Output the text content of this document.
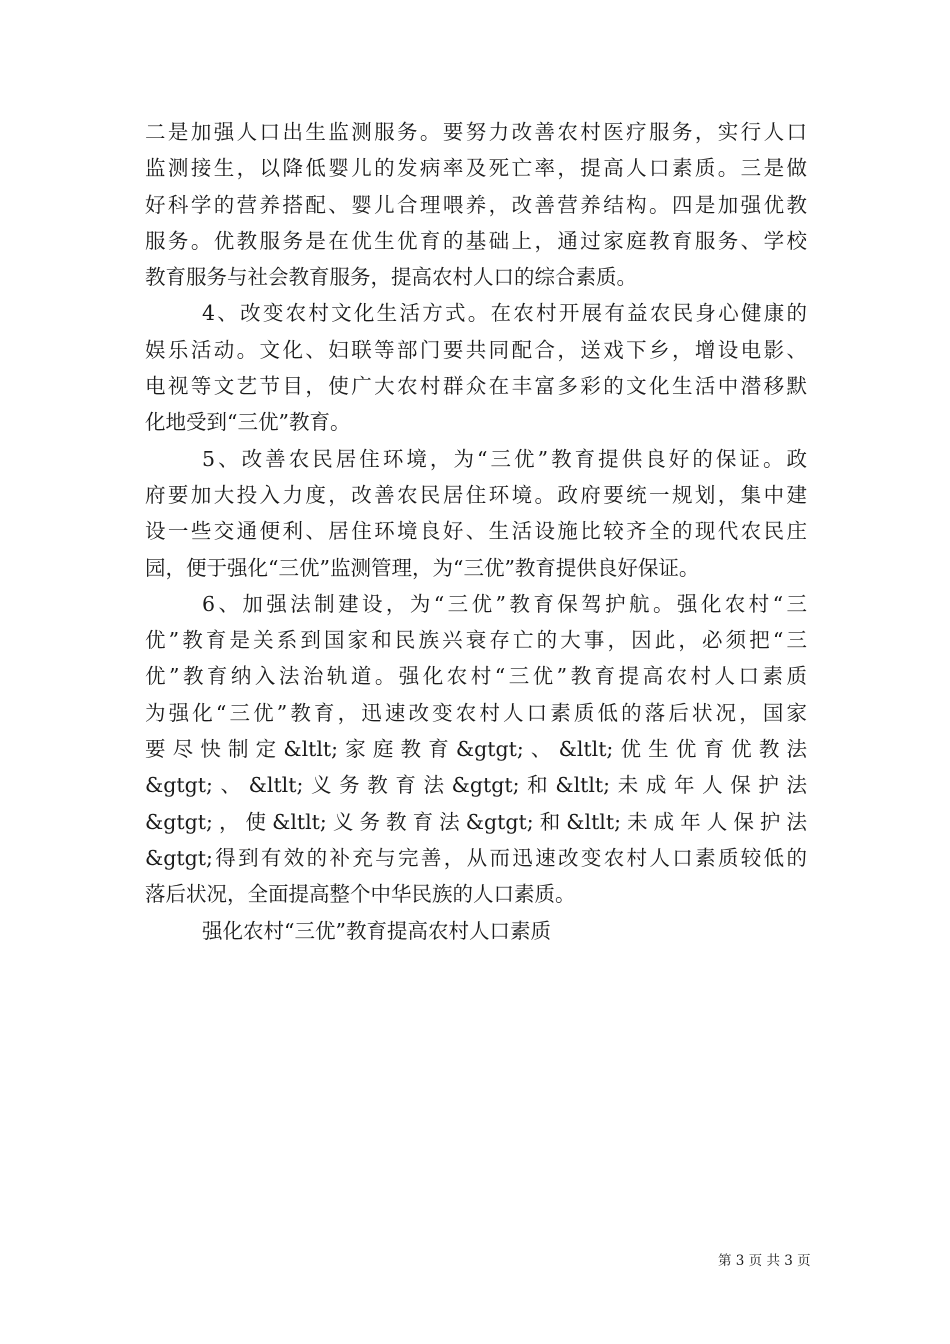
二是加强人口出生监测服务。要努力改善农村医疗服务，实行人口
监测接生，以降低婴儿的发病率及死亡率，提高人口素质。三是做
好科学的营养搭配、婴儿合理喂养，改善营养结构。四是加强优教
服务。优教服务是在优生优育的基础上，通过家庭教育服务、学校
教育服务与社会教育服务，提高农村人口的综合素质。
4、改变农村文化生活方式。在农村开展有益农民身心健康的
娱乐活动。文化、妇联等部门要共同配合，送戏下乡，增设电影、
电视等文艺节目，使广大农村群众在丰富多彩的文化生活中潜移默
化地受到“三优”教育。
5、改善农民居住环境，为“三优”教育提供良好的保证。政
府要加大投入力度，改善农民居住环境。政府要统一规划，集中建
设一些交通便利、居住环境良好、生活设施比较齐全的现代农民庄
园，便于强化“三优”监测管理，为“三优”教育提供良好保证。
6、加强法制建设，为“三优”教育保驾护航。强化农村“三
优”教育是关系到国家和民族兴衰存亡的大事，因此，必须把“三
优”教育纳入法治轨道。强化农村“三优”教育提高农村人口素质
为强化“三优”教育，迅速改变农村人口素质低的落后状况，国家
要尽快制定&ltlt;家庭教育&gtgt;、&ltlt;优生优育优教法
&gtgt;、&ltlt;义务教育法&gtgt;和&ltlt;未成年人保护法
&gtgt;，使&ltlt;义务教育法&gtgt;和&ltlt;未成年人保护法
&gtgt;得到有效的补充与完善，从而迅速改变农村人口素质较低的
落后状况，全面提高整个中华民族的人口素质。
强化农村“三优”教育提高农村人口素质
第 3 页 共 3 页
